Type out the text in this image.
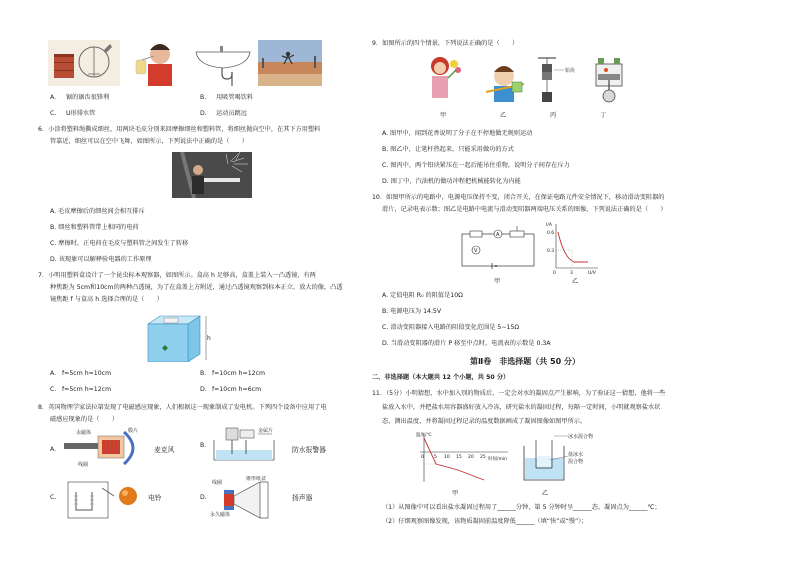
A. 锯的锯齿很锋利	B. 用吸管喝饮料
C. U形排水管	D. 运动员跳远
6．小涂将塑料绳撕成细丝，用两块毛皮分别来回摩擦细丝和塑料管，将细丝抛向空中，在其下方用塑料
管靠近，细丝可以在空中飞舞，如图所示，下列说法中正确的是（　　）
A. 毛皮摩擦后的细丝间会相互排斥
B. 细丝和塑料管带上相同的电荷
C. 摩擦时，正电荷在毛皮与塑料管之间发生了转移
D. 该现象可以解释验电器的工作原理
7．小明用塑料盒设计了一个昆虫标本观察器，如图所示。盒高 h 足够高，盒盖上装入一凸透镜，有两
种焦距为 5cm和10cm的两种凸透镜，为了在盒盖上方附近，通过凸透镜观察到标本正立、放大的像，凸透
镜焦距 f 与盒高 h 选择合理的是（　　）
h
A. f=5cm h=10cm	B. f=10cm h=12cm
C. f=5cm h=12cm	D. f=10cm h=6cm
8．英国物理学家法拉第发现了电磁感应现象，人们根据这一现象制成了发电机。下列四个设备中应用了电
磁感应现象的是（　　）
A.
永磁体	膜片
线圈
麦克风
B.
金属片
防水报警器
C.	电铃	D.
线圈
永久磁体
锥形纸盆
扬声器
9．如图所示的四个情景，下列说法正确的是（　　）
甲	乙
铅块
丙	丁
A. 图甲中，闻到花香说明了分子在不停地做无规则运动
B. 图乙中，让笔杆热起来，只能采用做功的方式
C. 图丙中，两个铅块紧压在一起后能吊住重物，说明分子间存在斥力
D. 图丁中，汽油机的做功冲程把机械能转化为内能
10．如图甲所示的电路中，电源电压保持不变，闭合开关，在保证电路元件安全情况下，移动滑动变阻器的
滑片，记录电表示数；图乙是电路中电流与滑动变阻器两端电压关系的图像，下列说法正确的是（　　）
A
V
甲
I/A
U/V
0.6
0.3
0	3
乙
A. 定值电阻 R₀ 的阻值是10Ω
B. 电源电压为 14.5V
C. 滑动变阻器接入电路的阻值变化范围是 5∼15Ω
D. 当滑动变阻器的滑片 P 移至中点时，电流表的示数是 0.3A
第Ⅱ卷　非选择题（共 50 分）
二、非选择题（本大题共 12 个小题，共 50 分）
11．（5分）小明猜想，水中加入别的物质后，一定会对水的凝固点产生影响，为了验证这一猜想，他将一些
盐放入水中，并把盐水用容器盛好放入冷冻，研究盐水的凝固过程，每隔一定时间，小明就观察盐水状
态、测出温度，并将凝固过程记录的温度数据画成了凝固图像如图甲所示。
温度/℃
时间/min
0 5 10 15 20 25
甲
冰水混合物
盐冰水
混合物
乙
（1）从图像中可以看出盐水凝固过程用了______分钟，第 5 分钟时呈______态，凝固点为______℃；
（2）仔细观察图像发现，该物质凝固前温度降低______（填“快”或“慢”）；
